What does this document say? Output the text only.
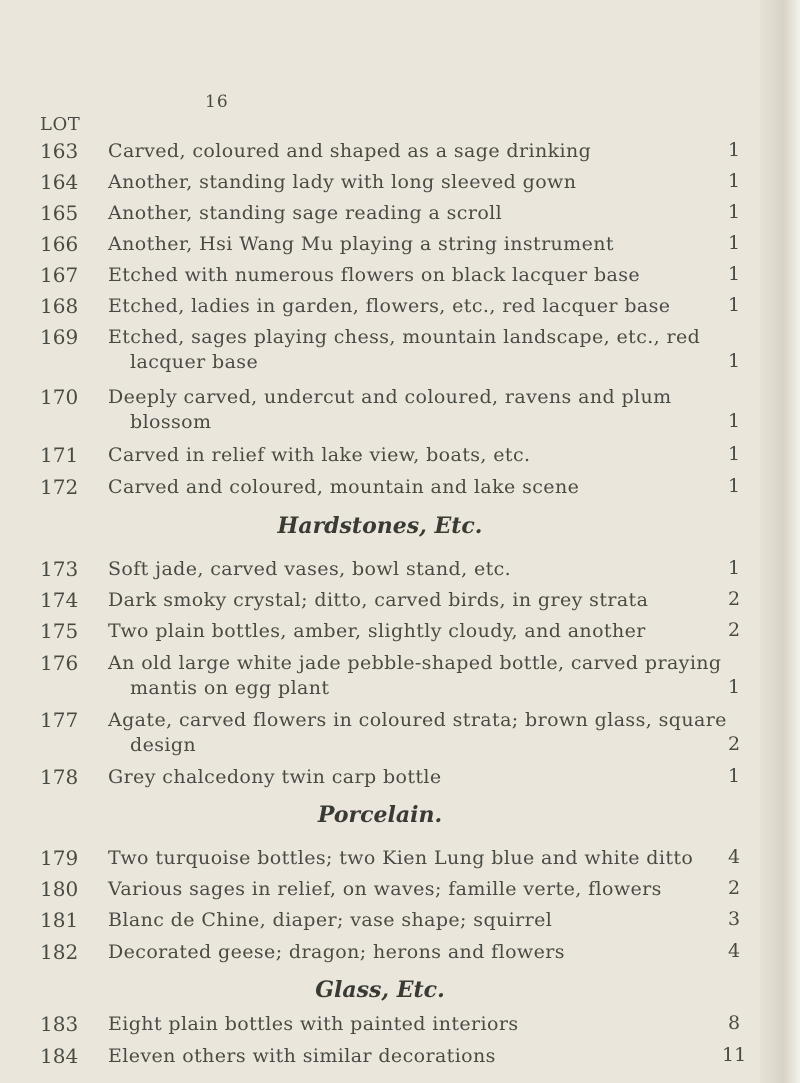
16
LOT
163	Carved, coloured and shaped as a sage drinking	1
164	Another, standing lady with long sleeved gown	1
165	Another, standing sage reading a scroll	1
166	Another, Hsi Wang Mu playing a string instrument	1
167	Etched with numerous flowers on black lacquer base	1
168	Etched, ladies in garden, flowers, etc., red lacquer base	1
169	Etched, sages playing chess, mountain landscape, etc., red
lacquer base	1
170	Deeply carved, undercut and coloured, ravens and plum
blossom	1
171	Carved in relief with lake view, boats, etc.	1
172	Carved and coloured, mountain and lake scene	1
Hardstones, Etc.
173	Soft jade, carved vases, bowl stand, etc.	1
174	Dark smoky crystal; ditto, carved birds, in grey strata	2
175	Two plain bottles, amber, slightly cloudy, and another	2
176	An old large white jade pebble-shaped bottle, carved praying
mantis on egg plant	1
177	Agate, carved flowers in coloured strata; brown glass, square
design	2
178	Grey chalcedony twin carp bottle	1
Porcelain.
179	Two turquoise bottles; two Kien Lung blue and white ditto	4
180	Various sages in relief, on waves; famille verte, flowers	2
181	Blanc de Chine, diaper; vase shape; squirrel	3
182	Decorated geese; dragon; herons and flowers	4
Glass, Etc.
183	Eight plain bottles with painted interiors	8
184	Eleven others with similar decorations	11
